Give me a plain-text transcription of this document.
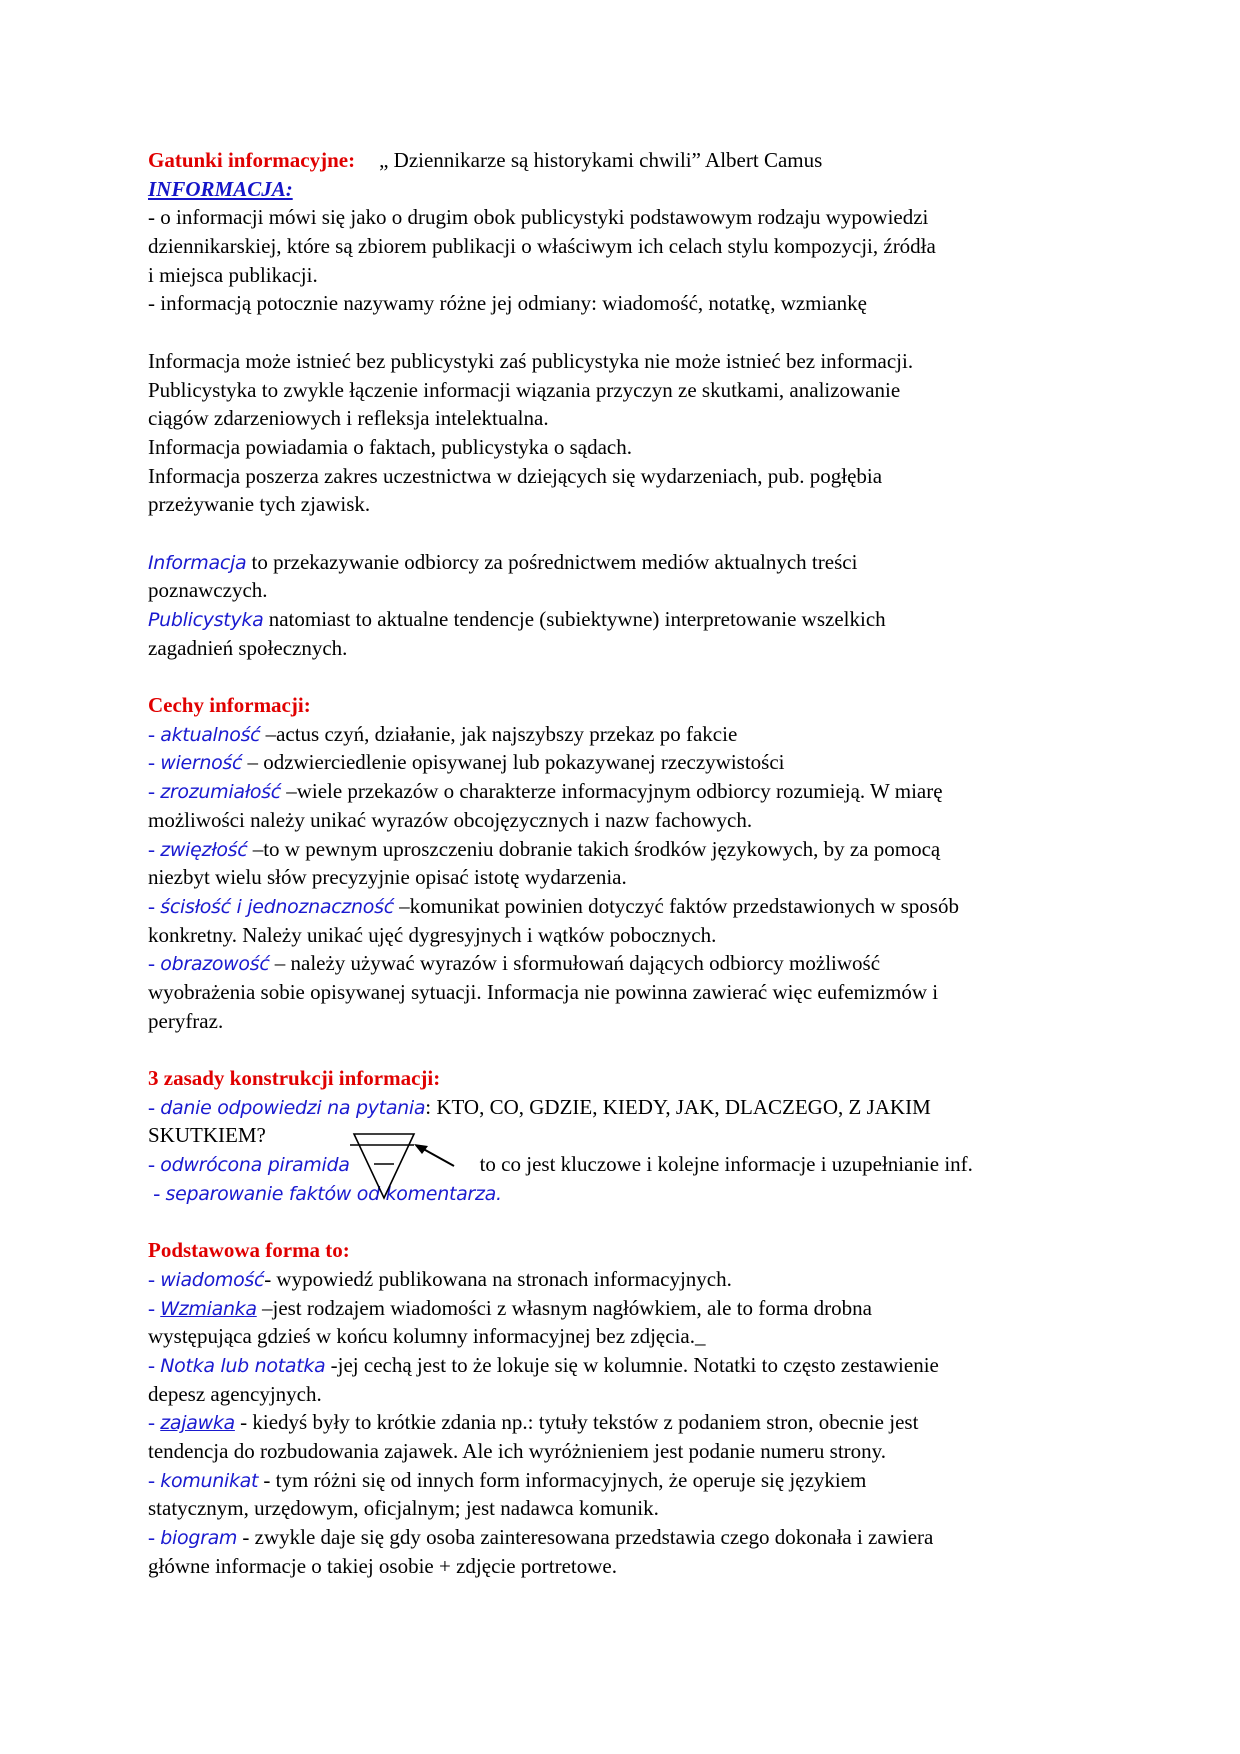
Gatunki informacyjne: „ Dziennikarze są historykami chwili” Albert Camus
INFORMACJA:
- o informacji mówi się jako o drugim obok publicystyki podstawowym rodzaju wypowiedzi
dziennikarskiej, które są zbiorem publikacji o właściwym ich celach stylu kompozycji, źródła
i miejsca publikacji.
- informacją potocznie nazywamy różne jej odmiany: wiadomość, notatkę, wzmiankę
Informacja może istnieć bez publicystyki zaś publicystyka nie może istnieć bez informacji.
Publicystyka to zwykle łączenie informacji wiązania przyczyn ze skutkami, analizowanie
ciągów zdarzeniowych i refleksja intelektualna.
Informacja powiadamia o faktach, publicystyka o sądach.
Informacja poszerza zakres uczestnictwa w dziejących się wydarzeniach, pub. pogłębia
przeżywanie tych zjawisk.
Informacja to przekazywanie odbiorcy za pośrednictwem mediów aktualnych treści
poznawczych.
Publicystyka natomiast to aktualne tendencje (subiektywne) interpretowanie wszelkich
zagadnień społecznych.
Cechy informacji:
- aktualność –actus czyń, działanie, jak najszybszy przekaz po fakcie
- wierność – odzwierciedlenie opisywanej lub pokazywanej rzeczywistości
- zrozumiałość –wiele przekazów o charakterze informacyjnym odbiorcy rozumieją. W miarę
możliwości należy unikać wyrazów obcojęzycznych i nazw fachowych.
- zwięzłość –to w pewnym uproszczeniu dobranie takich środków językowych, by za pomocą
niezbyt wielu słów precyzyjnie opisać istotę wydarzenia.
- ścisłość i jednoznaczność –komunikat powinien dotyczyć faktów przedstawionych w sposób
konkretny. Należy unikać ujęć dygresyjnych i wątków pobocznych.
- obrazowość – należy używać wyrazów i sformułowań dających odbiorcy możliwość
wyobrażenia sobie opisywanej sytuacji. Informacja nie powinna zawierać więc eufemizmów i
peryfraz.
3 zasady konstrukcji informacji:
- danie odpowiedzi na pytania: KTO, CO, GDZIE, KIEDY, JAK, DLACZEGO, Z JAKIM
SKUTKIEM?
- odwrócona piramida	to co jest kluczowe i kolejne informacje i uzupełnianie inf.
- separowanie faktów od komentarza.
Podstawowa forma to:
- wiadomość- wypowiedź publikowana na stronach informacyjnych.
- Wzmianka –jest rodzajem wiadomości z własnym nagłówkiem, ale to forma drobna
występująca gdzieś w końcu kolumny informacyjnej bez zdjęcia._
- Notka lub notatka -jej cechą jest to że lokuje się w kolumnie. Notatki to często zestawienie
depesz agencyjnych.
- zajawka - kiedyś były to krótkie zdania np.: tytuły tekstów z podaniem stron, obecnie jest
tendencja do rozbudowania zajawek. Ale ich wyróżnieniem jest podanie numeru strony.
- komunikat - tym różni się od innych form informacyjnych, że operuje się językiem
statycznym, urzędowym, oficjalnym; jest nadawca komunik.
- biogram - zwykle daje się gdy osoba zainteresowana przedstawia czego dokonała i zawiera
główne informacje o takiej osobie + zdjęcie portretowe.
